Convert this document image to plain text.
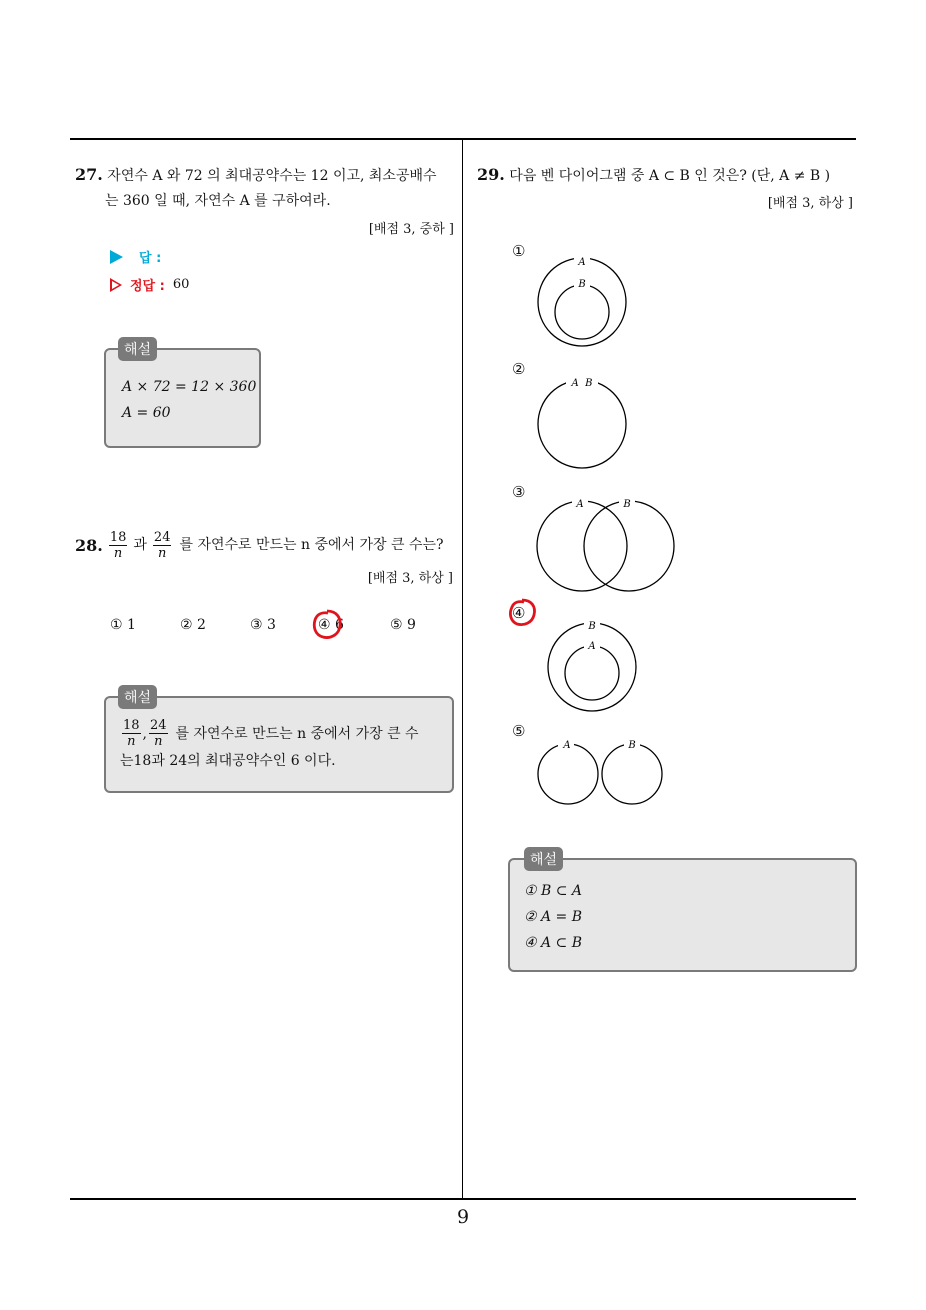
9
27. 자연수 A 와 72 의 최대공약수는 12 이고, 최소공배수
는 360 일 때, 자연수 A 를 구하여라.
[배점 3, 중하 ]
답 :
정답 : 60
A × 72 = 12 × 360
A = 60
해설
28. $\frac{18}{n}$ 과 $\frac{24}{n}$ 를 자연수로 만드는 n 중에서 가장 큰 수는?
[배점 3, 하상 ]
① 1	② 2	③ 3	④ 6	⑤ 9
$\frac{18}{n}$ , $\frac{24}{n}$ 를 자연수로 만드는 n 중에서 가장 큰 수
는18과 24의 최대공약수인 6 이다.
해설
29. 다음 벤 다이어그램 중 A ⊂ B 인 것은? (단, A ≠ B )
[배점 3, 하상 ]
①
A
B
②
A  B
③
A	B
④
B
A
⑤
A	B
① B ⊂ A
② A = B
④ A ⊂ B
해설
